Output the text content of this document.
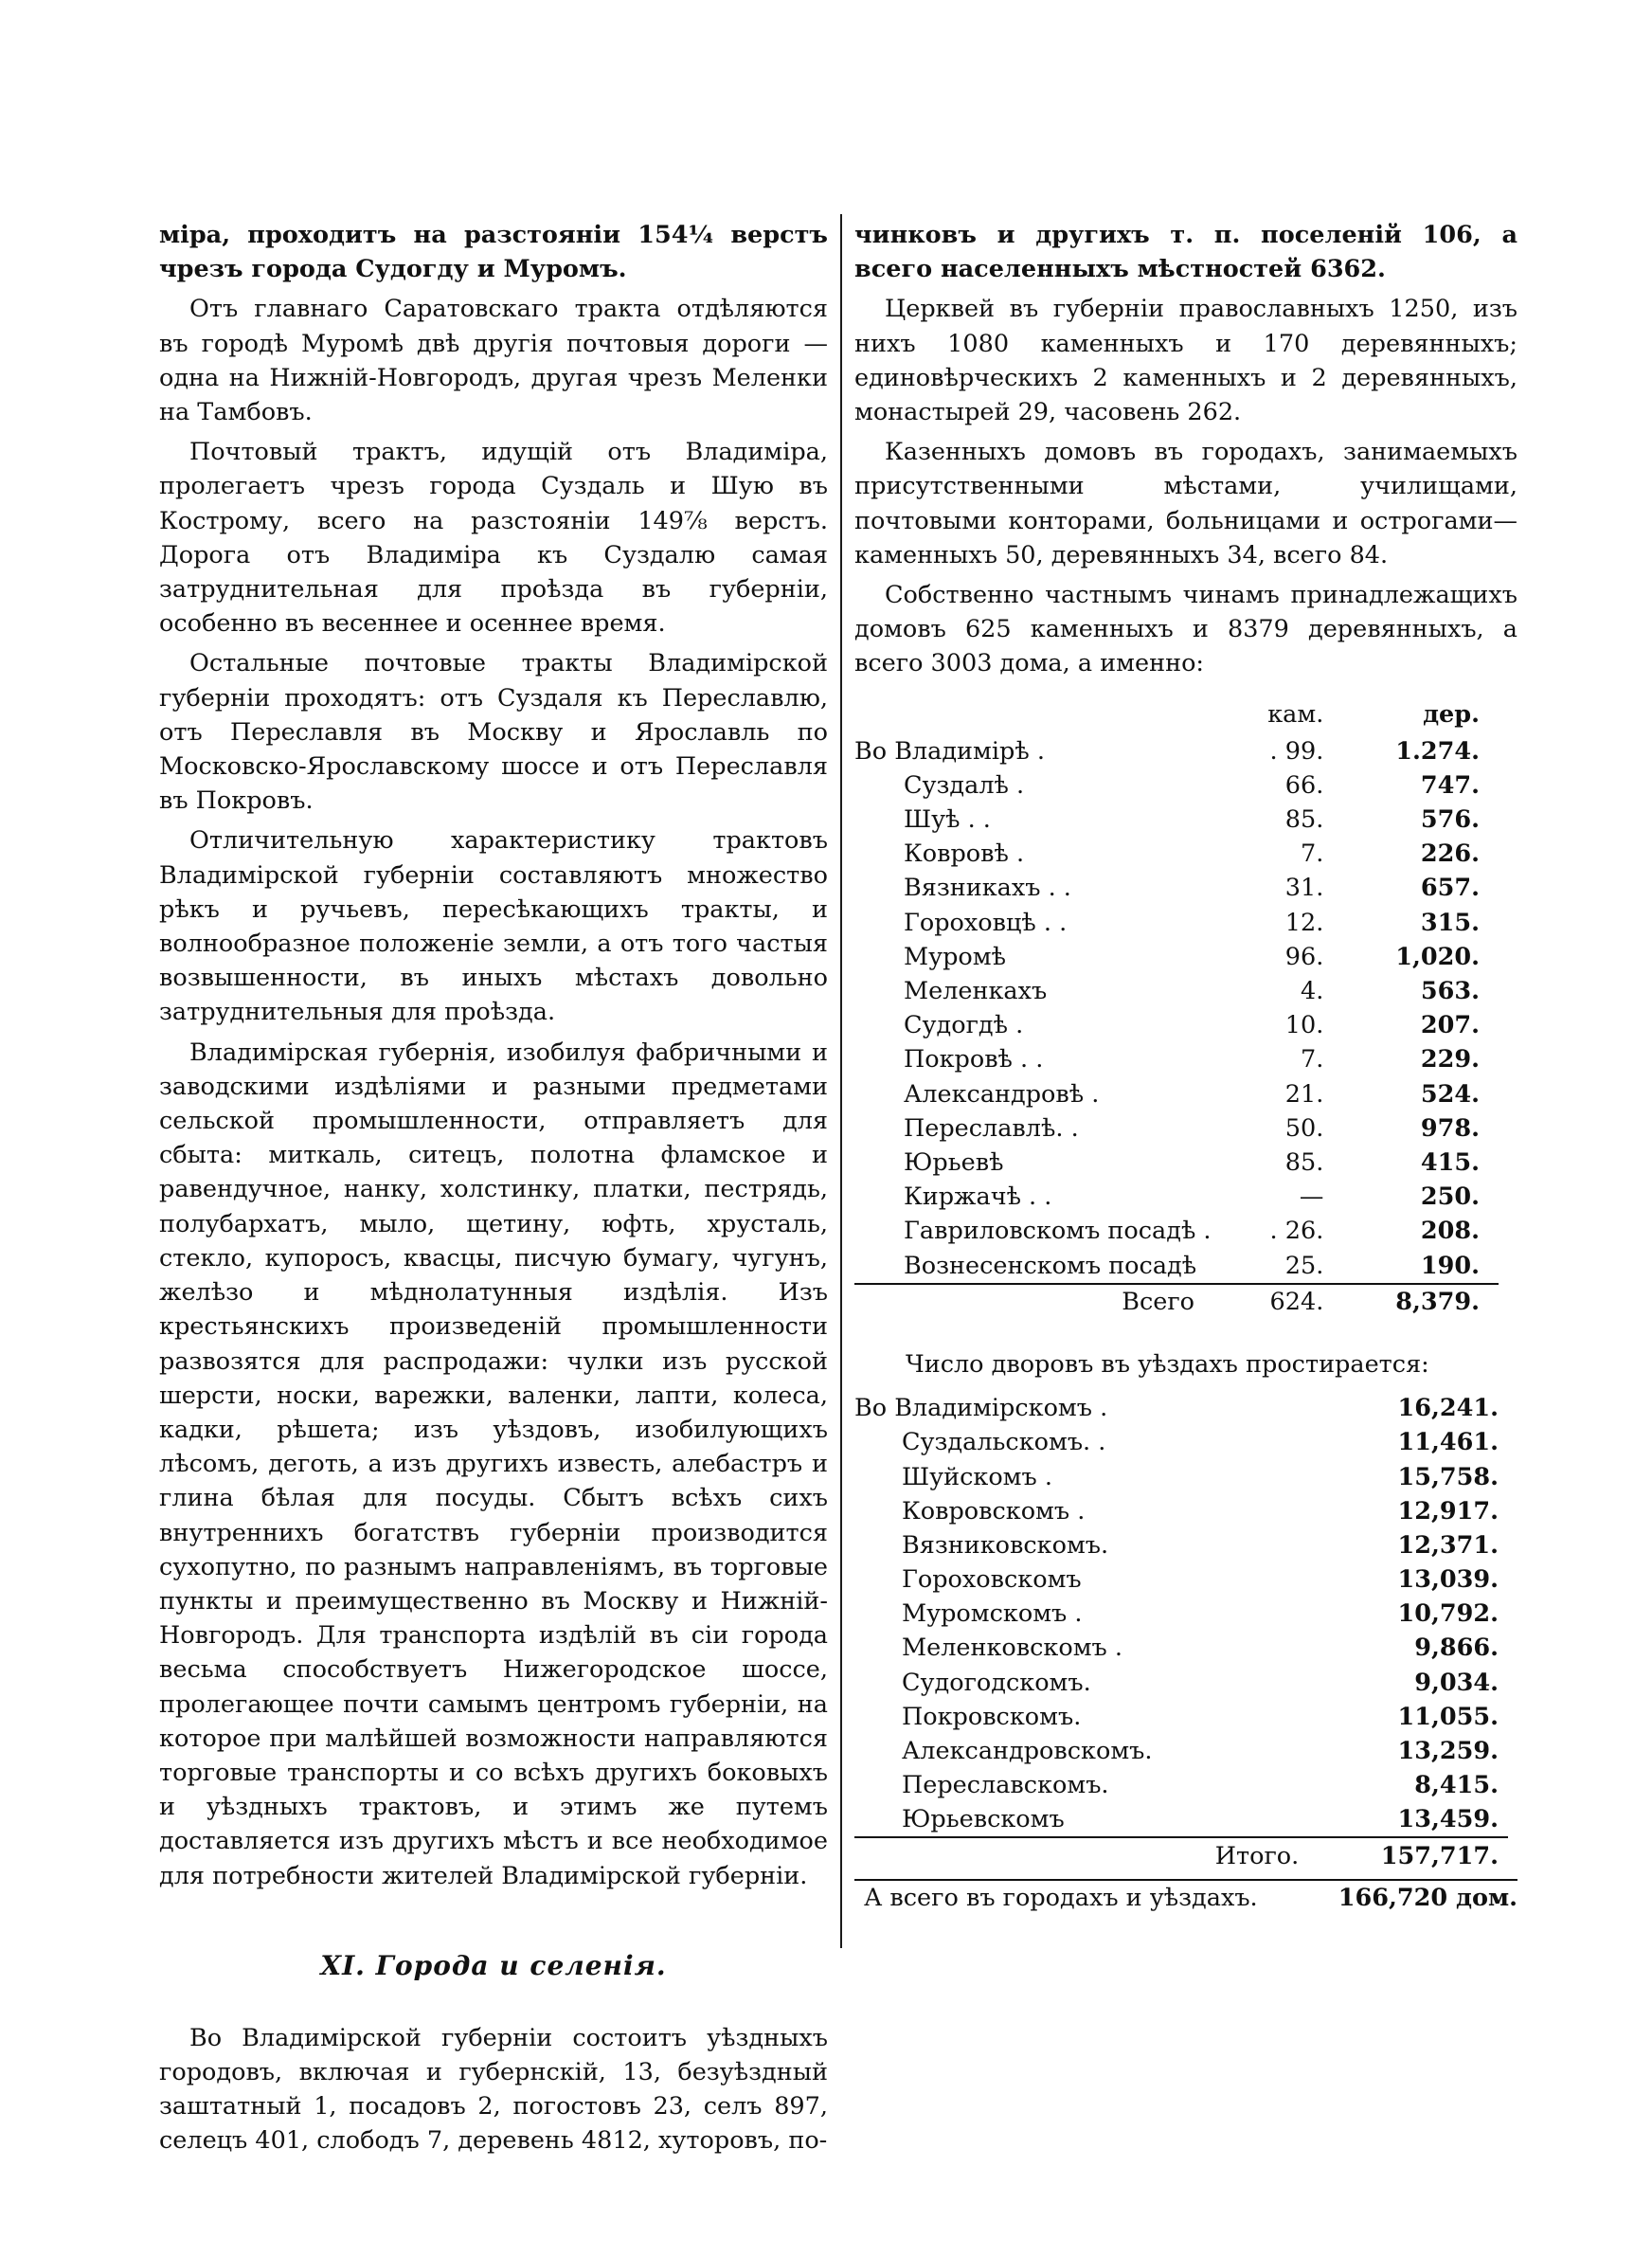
міра, проходитъ на разстояніи 154¼ верстъ чрезъ города Судогду и Муромъ.

Отъ главнаго Саратовскаго тракта отдѣляются въ городѣ Муромѣ двѣ другія почтовыя дороги — одна на Нижній-Новгородъ, другая чрезъ Меленки на Тамбовъ.

Почтовый трактъ, идущій отъ Владиміра, пролегаетъ чрезъ города Суздаль и Шую въ Кострому, всего на разстояніи 149⅞ верстъ. Дорога отъ Владиміра къ Суздалю самая затруднительная для проѣзда въ губерніи, особенно въ весеннее и осеннее время.

Остальные почтовые тракты Владимірской губерніи проходятъ: отъ Суздаля къ Переславлю, отъ Переславля въ Москву и Ярославль по Московско-Ярославскому шоссе и отъ Переславля въ Покровъ.

Отличительную характеристику трактовъ Владимірской губерніи составляютъ множество рѣкъ и ручьевъ, пересѣкающихъ тракты, и волнообразное положеніе земли, а отъ того частыя возвышенности, въ иныхъ мѣстахъ довольно затруднительныя для проѣзда.

Владимірская губернія, изобилуя фабричными и заводскими издѣліями и разными предметами сельской промышленности, отправляетъ для сбыта: миткаль, ситецъ, полотна фламское и равендучное, нанку, холстинку, платки, пестрядь, полубархатъ, мыло, щетину, юфть, хрусталь, стекло, купоросъ, квасцы, писчую бумагу, чугунъ, желѣзо и мѣднолатунныя издѣлія. Изъ крестьянскихъ произведеній промышленности развозятся для распродажи: чулки изъ русской шерсти, носки, варежки, валенки, лапти, колеса, кадки, рѣшета; изъ уѣздовъ, изобилующихъ лѣсомъ, деготь, а изъ другихъ известь, алебастръ и глина бѣлая для посуды. Сбытъ всѣхъ сихъ внутреннихъ богатствъ губерніи производится сухопутно, по разнымъ направленіямъ, въ торговые пункты и преимущественно въ Москву и Нижній-Новгородъ. Для транспорта издѣлій въ сіи города весьма способствуетъ Нижегородское шоссе, пролегающее почти самымъ центромъ губерніи, на которое при малѣйшей возможности направляются торговые транспорты и со всѣхъ другихъ боковыхъ и уѣздныхъ трактовъ, и этимъ же путемъ доставляется изъ другихъ мѣстъ и все необходимое для потребности жителей Владимірской губерніи.

XI. Города и селенія.

Во Владимірской губерніи состоитъ уѣздныхъ городовъ, включая и губернскій, 13, безуѣздный заштатный 1, посадовъ 2, погостовъ 23, селъ 897, селецъ 401, слободъ 7, деревень 4812, хуторовъ, по-

чинковъ и другихъ т. п. поселеній 106, а всего населенныхъ мѣстностей 6362.

Церквей въ губерніи православныхъ 1250, изъ нихъ 1080 каменныхъ и 170 деревянныхъ; единовѣрческихъ 2 каменныхъ и 2 деревянныхъ, монастырей 29, часовень 262.

Казенныхъ домовъ въ городахъ, занимаемыхъ присутственными мѣстами, училищами, почтовыми конторами, больницами и острогами—каменныхъ 50, деревянныхъ 34, всего 84.

Собственно частнымъ чинамъ принадлежащихъ домовъ 625 каменныхъ и 8379 деревянныхъ, а всего 3003 дома, а именно:

	кам.	дер.
Во Владимірѣ .	. 99.	1.274.
Суздалѣ .	66.	747.
Шуѣ . .	85.	576.
Ковровѣ .	7.	226.
Вязникахъ . .	31.	657.
Гороховцѣ . .	12.	315.
Муромѣ	96.	1,020.
Меленкахъ	4.	563.
Судогдѣ .	10.	207.
Покровѣ . .	7.	229.
Александровѣ .	21.	524.
Переславлѣ. .	50.	978.
Юрьевѣ	85.	415.
Киржачѣ . .	—	250.
Гавриловскомъ посадѣ .	. 26.	208.
Вознесенскомъ посадѣ	25.	190.
Всего	624.	8,379.

Число дворовъ въ уѣздахъ простирается:

Во Владимірскомъ .	16,241.
Суздальскомъ. .	11,461.
Шуйскомъ .	15,758.
Ковровскомъ .	12,917.
Вязниковскомъ.	12,371.
Гороховскомъ	13,039.
Муромскомъ .	10,792.
Меленковскомъ .	9,866.
Судогодскомъ.	9,034.
Покровскомъ.	11,055.
Александровскомъ.	13,259.
Переславскомъ.	8,415.
Юрьевскомъ	13,459.
Итого.	157,717.
А всего въ городахъ и уѣздахъ.	166,720 дом.
